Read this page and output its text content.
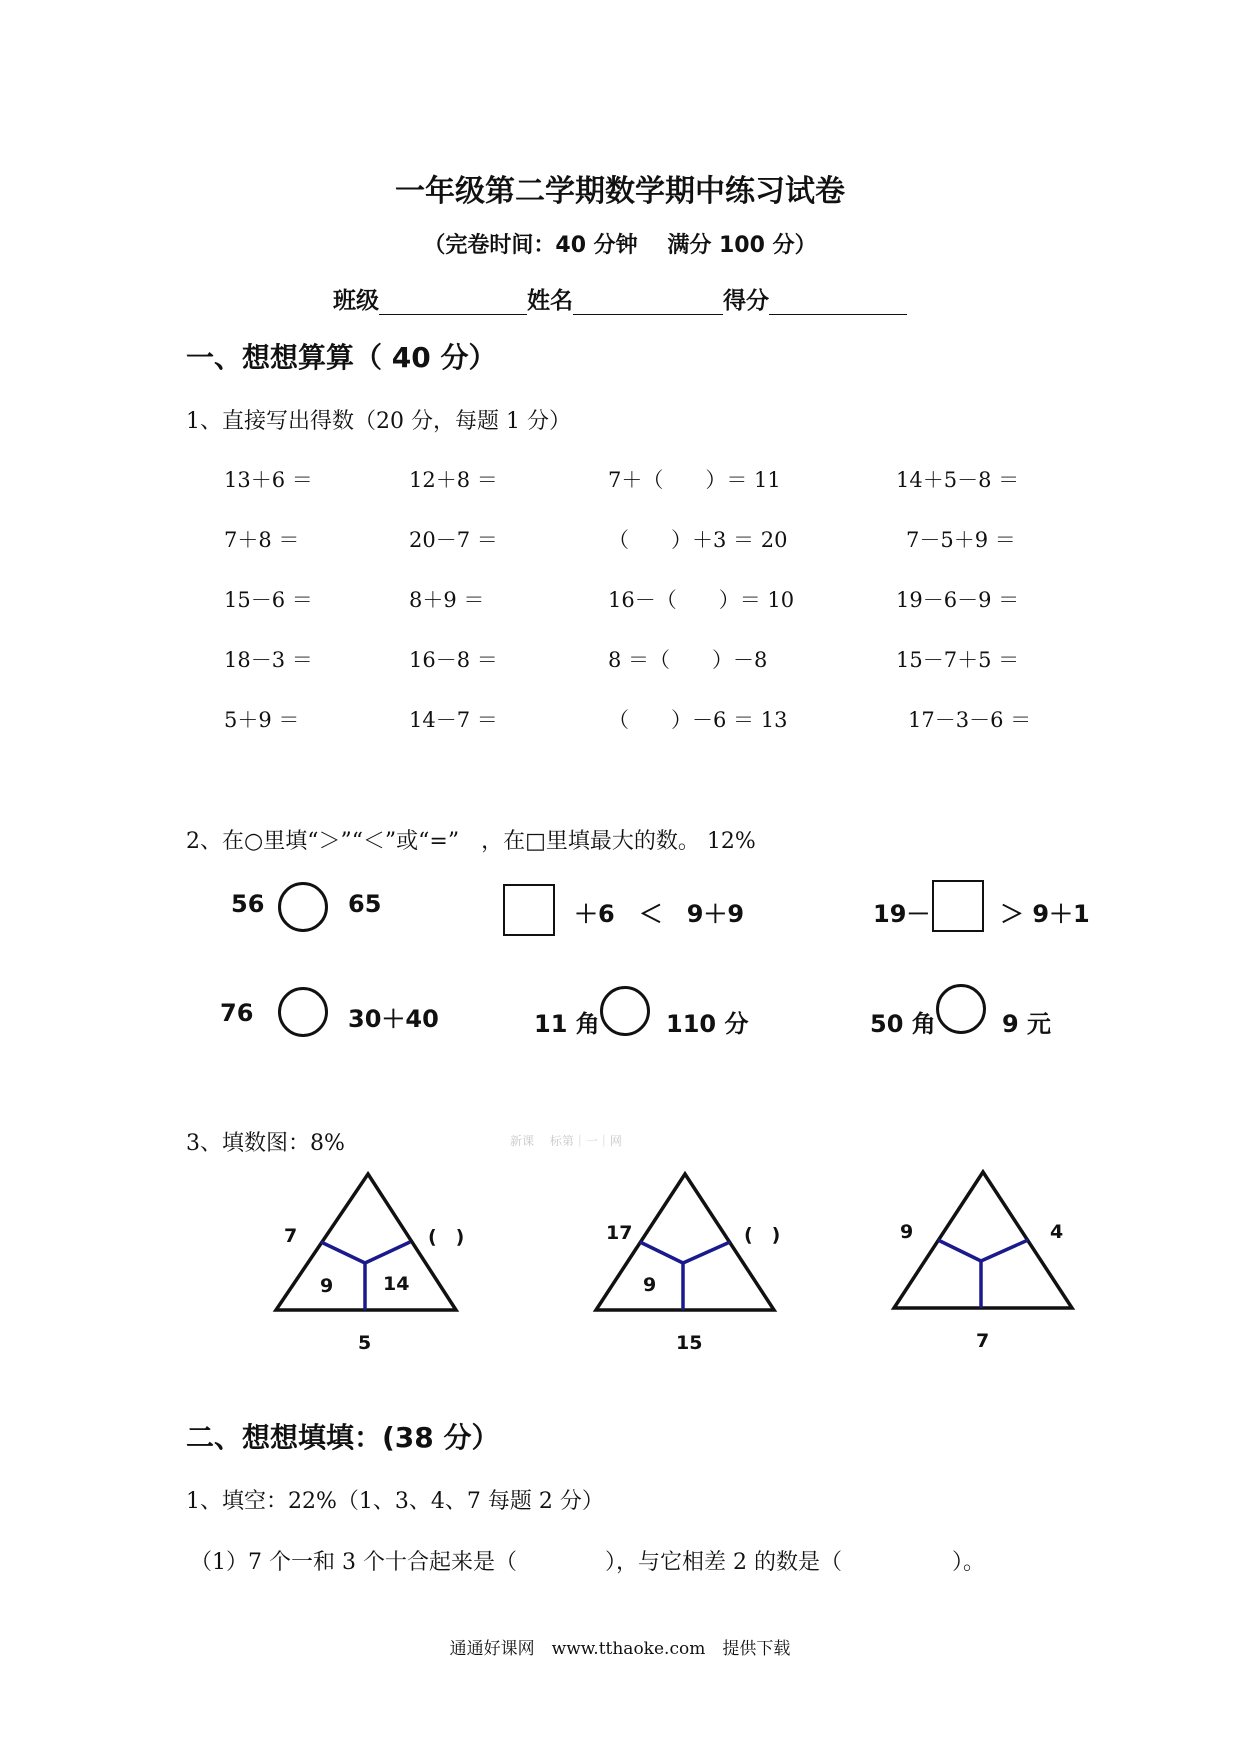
一年级第二学期数学期中练习试卷
（完卷时间：40 分钟　 满分 100 分）
班级	姓名	得分
一、想想算算（ 40 分）
1、直接写出得数（20 分，每题 1 分）
13＋6 ＝	12＋8 ＝	7＋（　　）＝ 11	14＋5－8 ＝
7＋8 ＝	20－7 ＝	（　　）＋3 ＝ 20	7－5＋9 ＝
15－6 ＝	8＋9 ＝	16－（　　）＝ 10	19－6－9 ＝
18－3 ＝	16－8 ＝	8 ＝（　　）－8	15－7＋5 ＝
5＋9 ＝	14－7 ＝	（　　）－6 ＝ 13	17－3－6 ＝
2、在○里填“＞”“＜”或“=”　，在□里填最大的数。 12%
56	65	＋6　＜　9＋9	19－	＞ 9＋1
76	30＋40	11 角	110 分	50 角	9 元
3、填数图：8%	新课　 标第｜一｜网
7	(　)
9	14
5
17	(　)
9
15
9	4
7
二、想想填填：(38 分）
1、填空：22%（1、3、4、7 每题 2 分）
（1）7 个一和 3 个十合起来是（　　　　），与它相差 2 的数是（　　　　　）。
通通好课网　www.tthaoke.com　提供下载
